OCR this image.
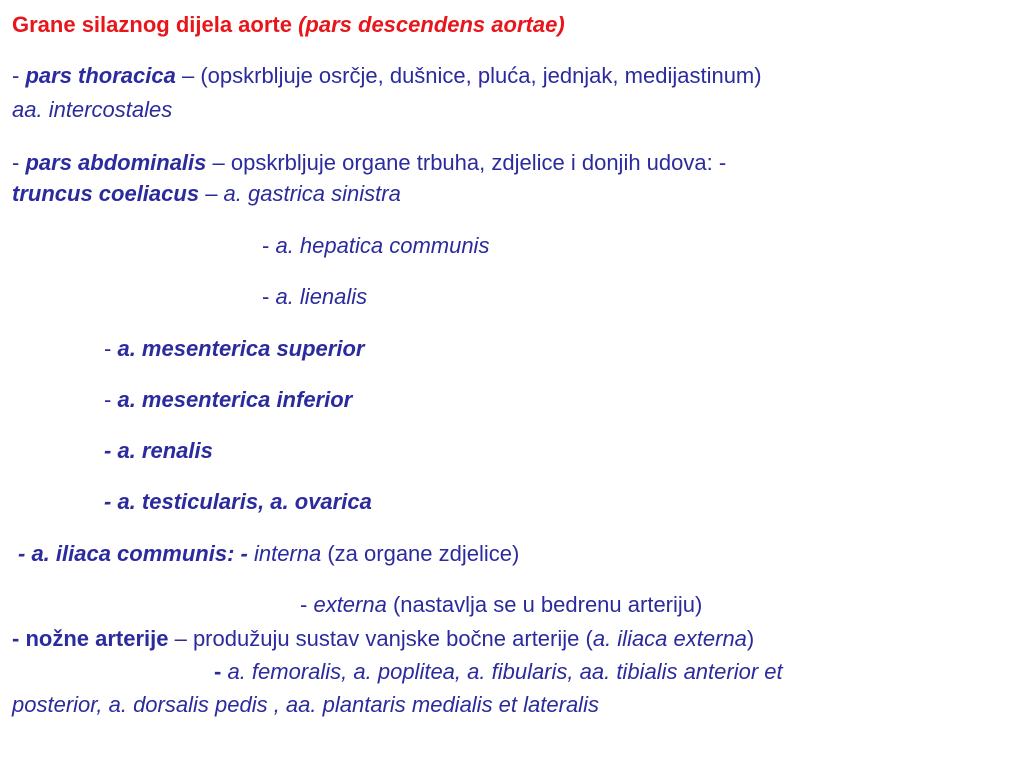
Grane silaznog dijela aorte (pars descendens aortae)
- pars thoracica – (opskrbljuje osrčje, dušnice, pluća, jednjak, medijastinum)
aa. intercostales
- pars abdominalis – opskrbljuje organe trbuha, zdjelice i donjih udova: -
truncus coeliacus – a. gastrica sinistra
- a. hepatica communis
- a. lienalis
- a. mesenterica superior
- a. mesenterica inferior
- a. renalis
- a. testicularis, a. ovarica
- a. iliaca communis: - interna (za organe zdjelice)
- externa (nastavlja se u bedrenu arteriju)
- nožne arterije – produžuju sustav vanjske bočne arterije (a. iliaca externa)
- a. femoralis, a. poplitea, a. fibularis, aa. tibialis anterior et
posterior, a. dorsalis pedis , aa. plantaris medialis et lateralis
